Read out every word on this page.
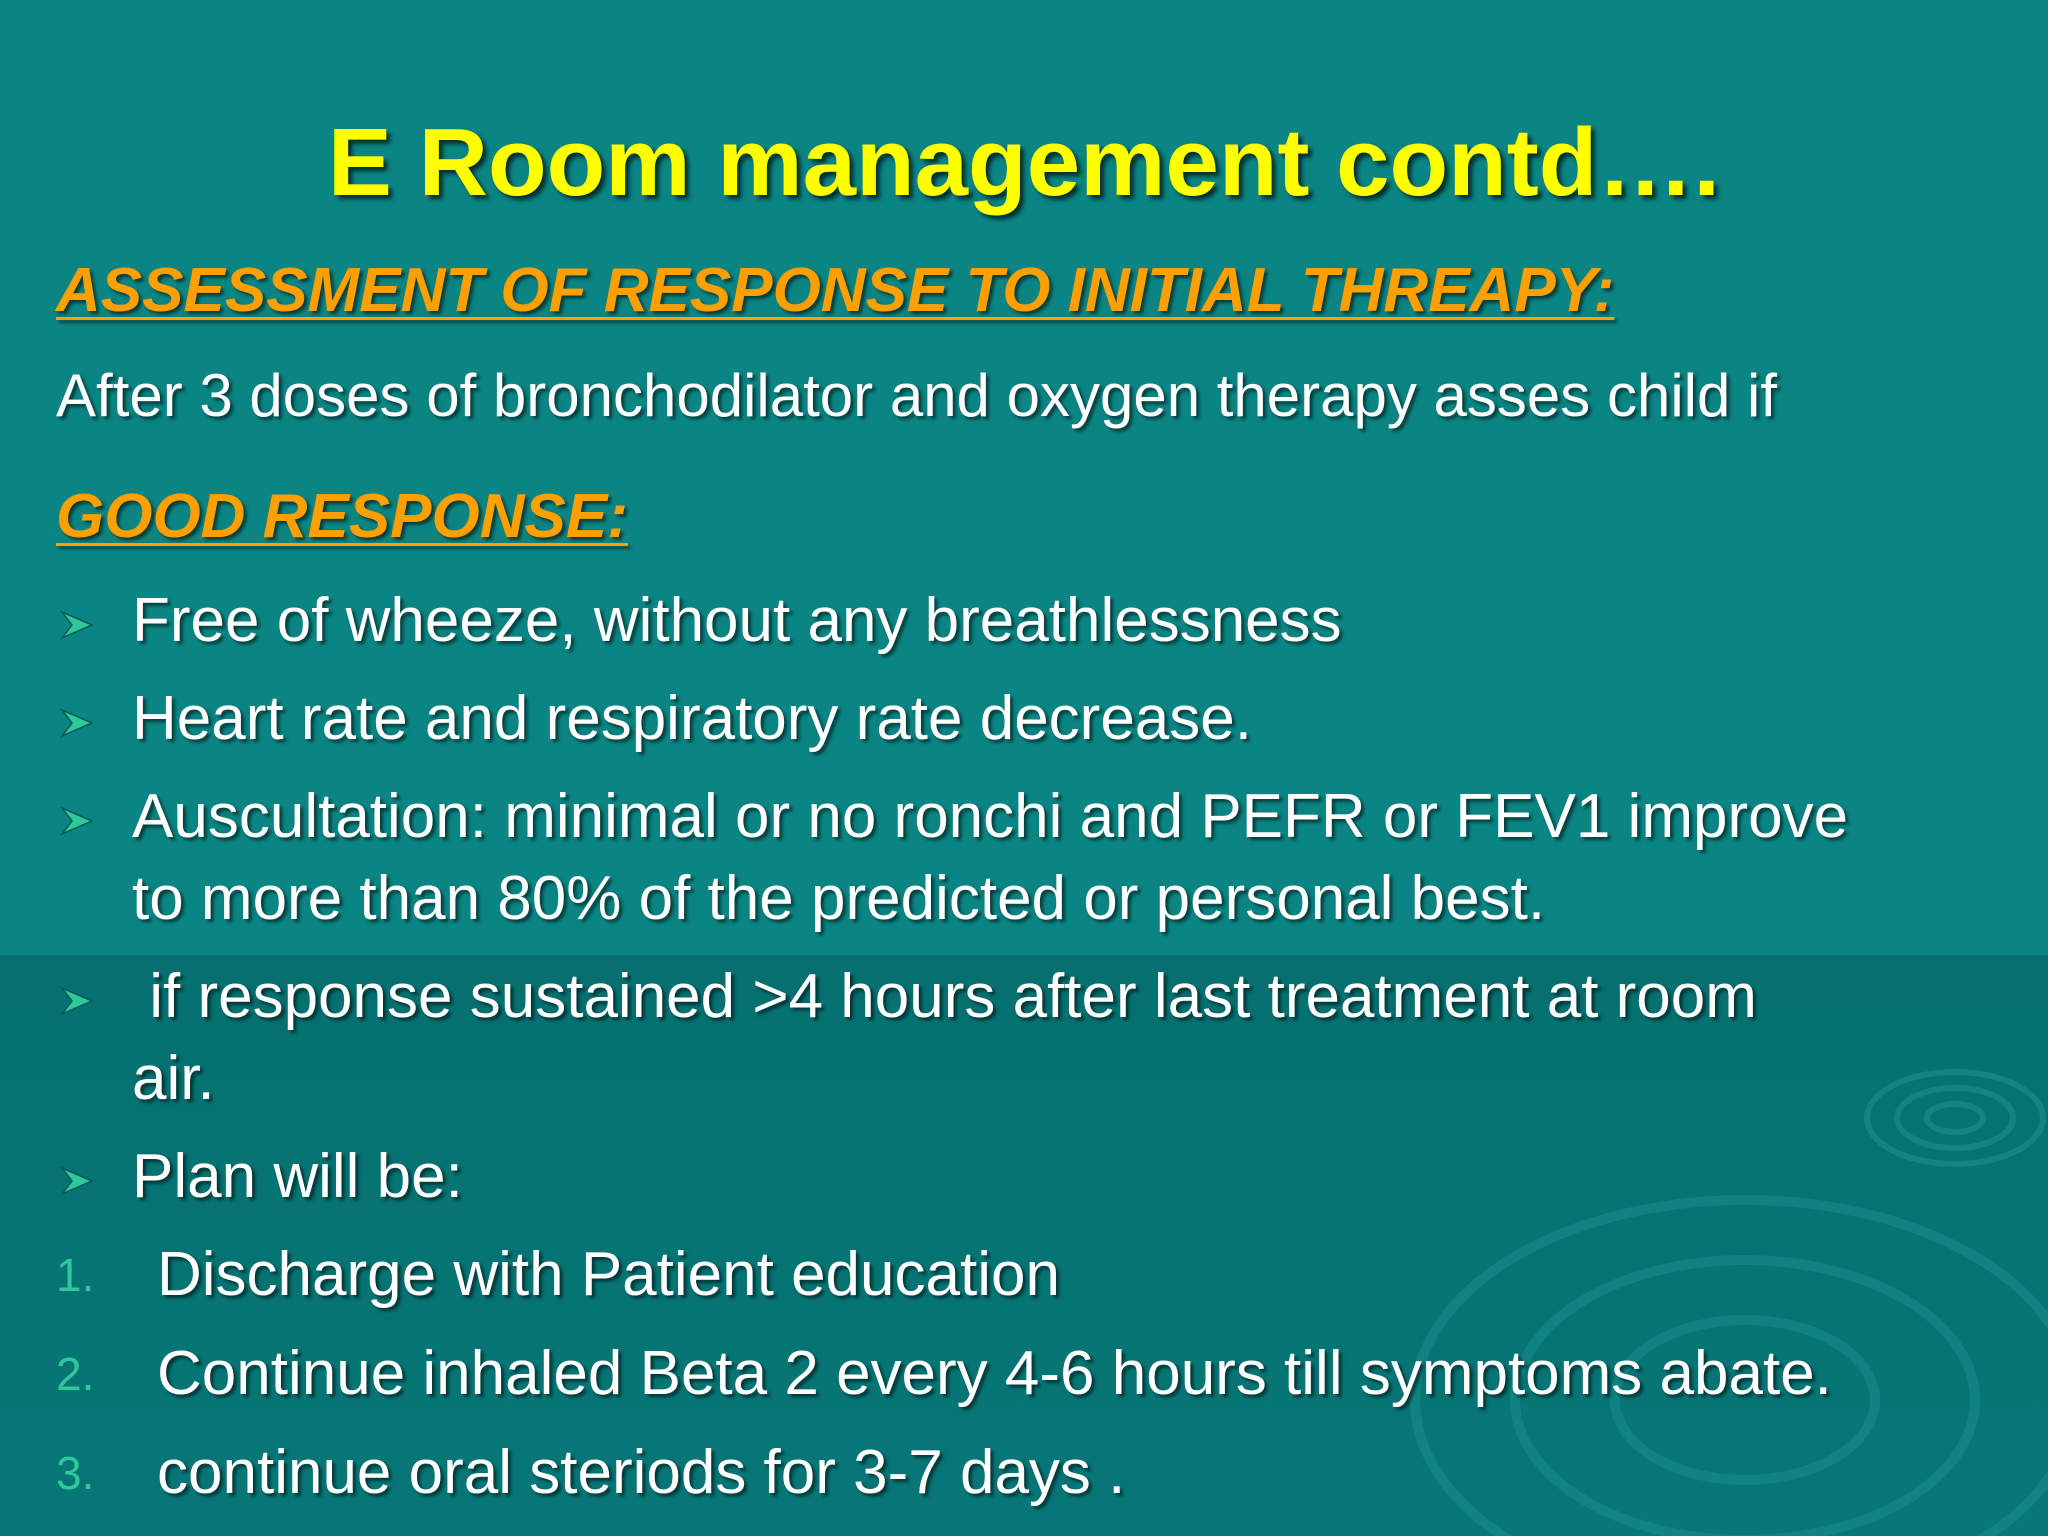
E Room management contd….
ASSESSMENT OF RESPONSE TO INITIAL THREAPY:
After 3 doses of bronchodilator and oxygen therapy asses child if
GOOD RESPONSE:
Free of wheeze, without any breathlessness
Heart rate and respiratory rate decrease.
Auscultation: minimal or no ronchi and PEFR or FEV1 improve
to more than 80% of the predicted or personal best.
if response sustained >4 hours after last treatment at room
air.
Plan will be:
1. Discharge with Patient education
2. Continue inhaled Beta 2 every 4-6 hours till symptoms abate.
3. continue oral steriods for 3-7 days .
